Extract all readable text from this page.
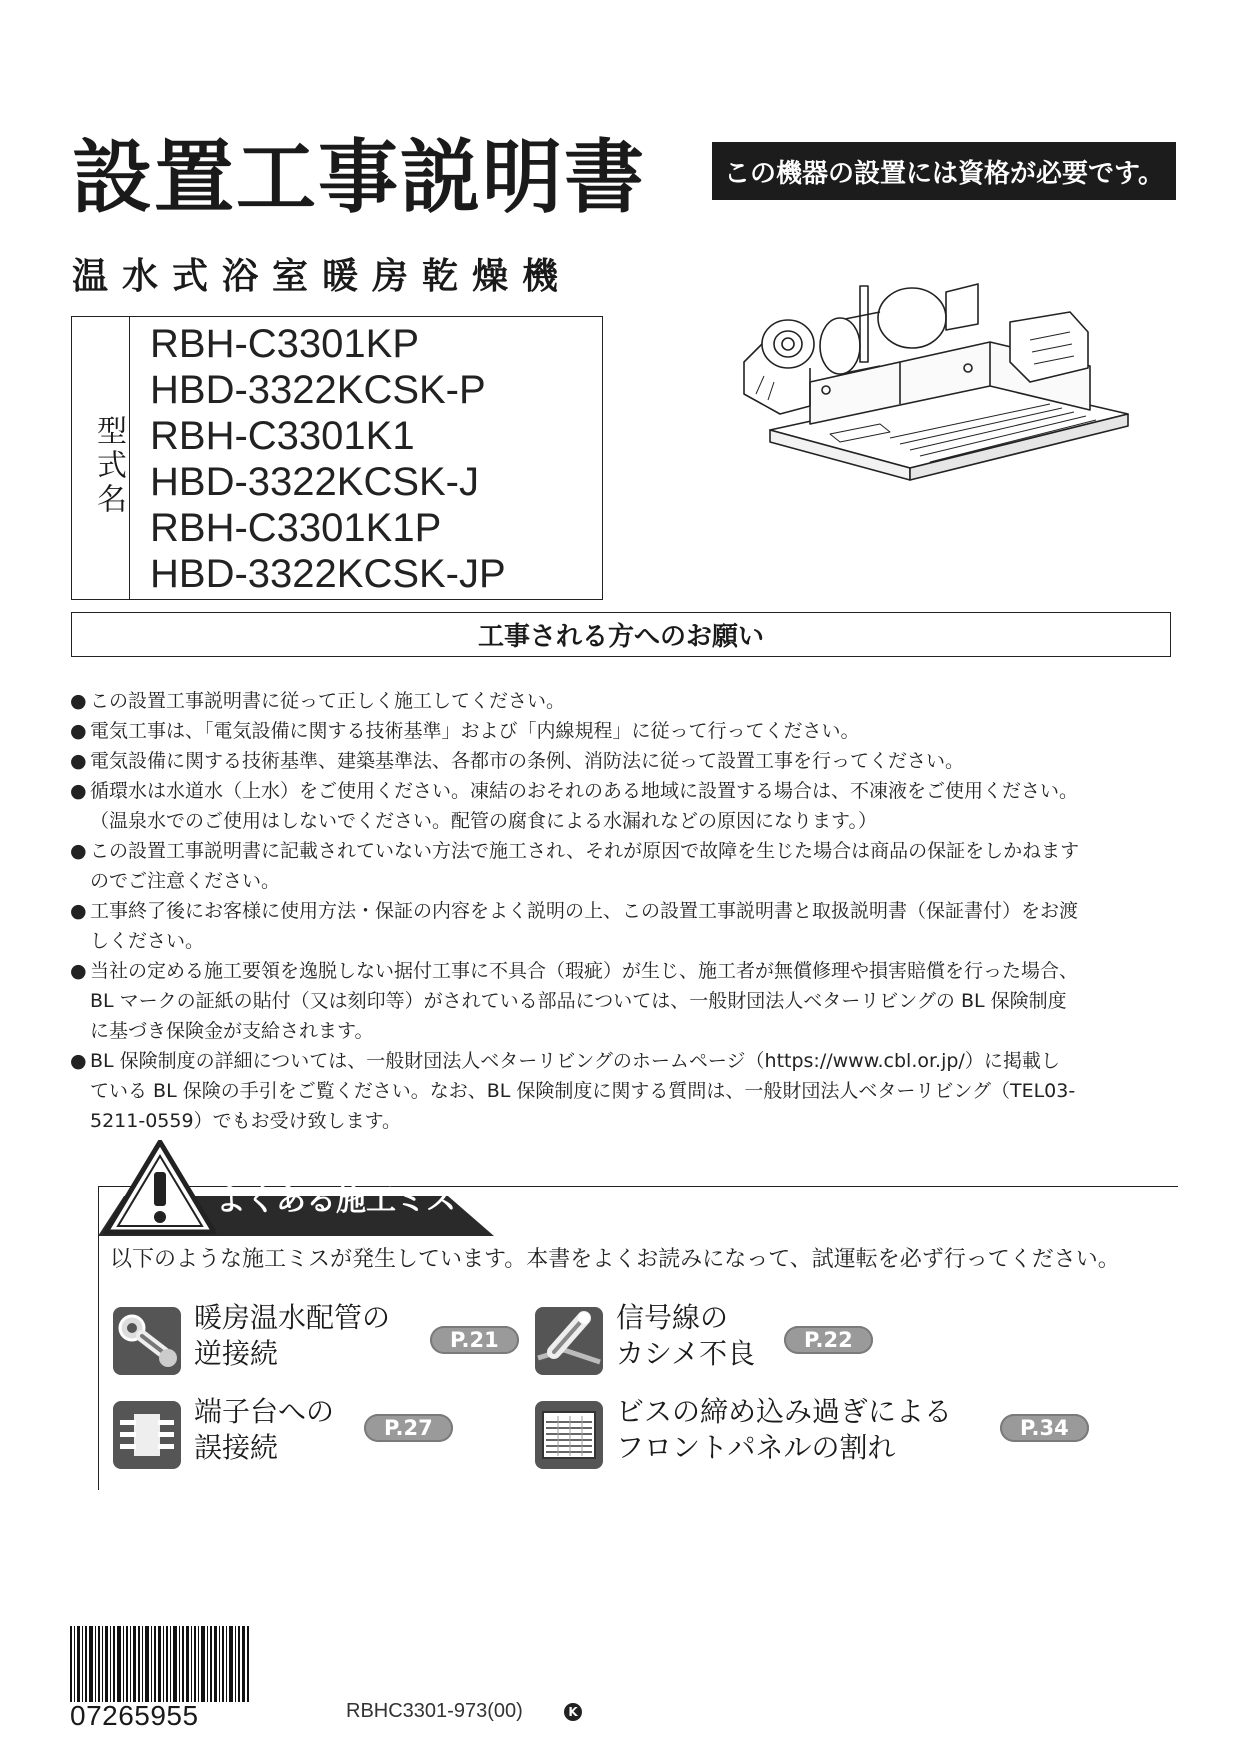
設置工事説明書
温水式浴室暖房乾燥機
この機器の設置には資格が必要です。
型式名
RBH-C3301KP
HBD-3322KCSK-P
RBH-C3301K1
HBD-3322KCSK-J
RBH-C3301K1P
HBD-3322KCSK-JP
工事される方へのお願い
● この設置工事説明書に従って正しく施工してください。
● 電気工事は、「電気設備に関する技術基準」および「内線規程」に従って行ってください。
● 電気設備に関する技術基準、建築基準法、各都市の条例、消防法に従って設置工事を行ってください。
● 循環水は水道水（上水）をご使用ください。凍結のおそれのある地域に設置する場合は、不凍液をご使用ください。
（温泉水でのご使用はしないでください。配管の腐食による水漏れなどの原因になります。）
● この設置工事説明書に記載されていない方法で施工され、それが原因で故障を生じた場合は商品の保証をしかねます
のでご注意ください。
● 工事終了後にお客様に使用方法・保証の内容をよく説明の上、この設置工事説明書と取扱説明書（保証書付）をお渡
しください。
● 当社の定める施工要領を逸脱しない据付工事に不具合（瑕疵）が生じ、施工者が無償修理や損害賠償を行った場合、
BL マークの証紙の貼付（又は刻印等）がされている部品については、一般財団法人ベターリビングの BL 保険制度
に基づき保険金が支給されます。
● BL 保険制度の詳細については、一般財団法人ベターリビングのホームページ（https://www.cbl.or.jp/）に掲載し
ている BL 保険の手引をご覧ください。なお、BL 保険制度に関する質問は、一般財団法人ベターリビング（TEL03-
5211-0559）でもお受け致します。
よくある施工ミス
以下のような施工ミスが発生しています。本書をよくお読みになって、試運転を必ず行ってください。
暖房温水配管の
逆接続	P.21
信号線の
カシメ不良	P.22
端子台への
誤接続
P.27	ビスの締め込み過ぎによる
フロントパネルの割れ
P.34
07265955	RBHC3301-973(00)	K
